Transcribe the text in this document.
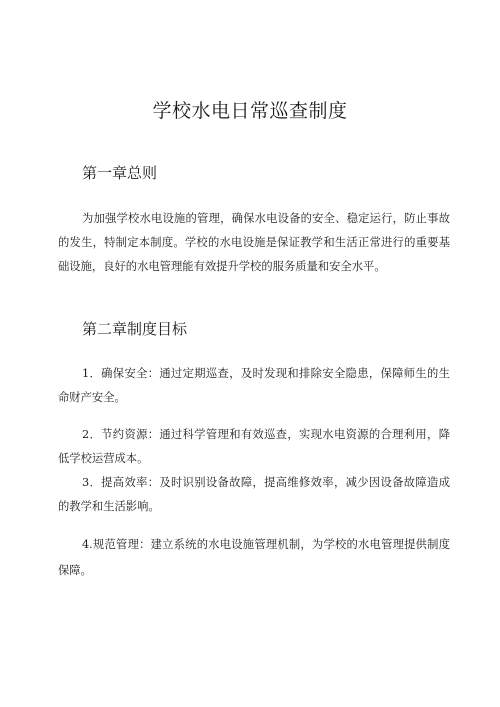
学校水电日常巡查制度
第一章总则

为加强学校水电设施的管理，确保水电设备的安全、稳定运行，防止事故的发生，特制定本制度。学校的水电设施是保证教学和生活正常进行的重要基础设施，良好的水电管理能有效提升学校的服务质量和安全水平。

第二章制度目标

1．确保安全：通过定期巡查，及时发现和排除安全隐患，保障师生的生命财产安全。

2．节约资源：通过科学管理和有效巡查，实现水电资源的合理利用，降低学校运营成本。

3．提高效率：及时识别设备故障，提高维修效率，减少因设备故障造成的教学和生活影响。

4.规范管理：建立系统的水电设施管理机制，为学校的水电管理提供制度保障。
